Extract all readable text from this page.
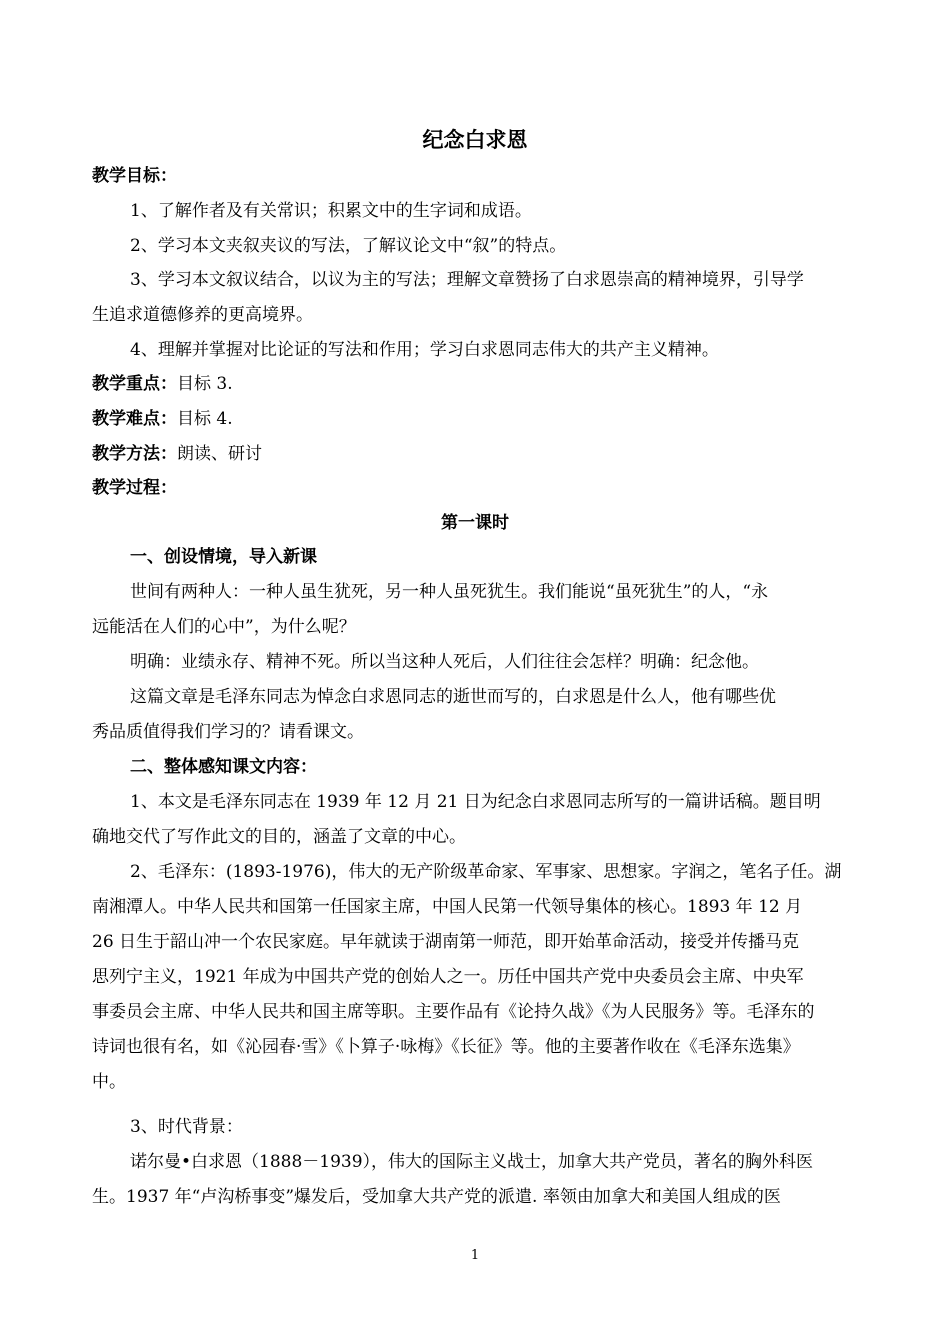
纪念白求恩
教学目标：
1、了解作者及有关常识；积累文中的生字词和成语。
2、学习本文夹叙夹议的写法，了解议论文中“叙”的特点。
3、学习本文叙议结合，以议为主的写法；理解文章赞扬了白求恩崇高的精神境界，引导学
生追求道德修养的更高境界。
4、理解并掌握对比论证的写法和作用；学习白求恩同志伟大的共产主义精神。
教学重点：目标 3.
教学难点：目标 4.
教学方法：朗读、研讨
教学过程：
第一课时
一、创设情境，导入新课
世间有两种人：一种人虽生犹死，另一种人虽死犹生。我们能说“虽死犹生”的人，“永
远能活在人们的心中”，为什么呢？
明确：业绩永存、精神不死。所以当这种人死后，人们往往会怎样？明确：纪念他。
这篇文章是毛泽东同志为悼念白求恩同志的逝世而写的，白求恩是什么人，他有哪些优
秀品质值得我们学习的？请看课文。
二、整体感知课文内容：
1、本文是毛泽东同志在 1939 年 12 月 21 日为纪念白求恩同志所写的一篇讲话稿。题目明
确地交代了写作此文的目的，涵盖了文章的中心。
2、毛泽东：(1893-1976)，伟大的无产阶级革命家、军事家、思想家。字润之，笔名子任。湖
南湘潭人。中华人民共和国第一任国家主席，中国人民第一代领导集体的核心。1893 年 12 月
26 日生于韶山冲一个农民家庭。早年就读于湖南第一师范，即开始革命活动，接受并传播马克
思列宁主义，1921 年成为中国共产党的创始人之一。历任中国共产党中央委员会主席、中央军
事委员会主席、中华人民共和国主席等职。主要作品有《论持久战》《为人民服务》等。毛泽东的
诗词也很有名，如《沁园春·雪》《卜算子·咏梅》《长征》等。他的主要著作收在《毛泽东选集》
中。
3、时代背景：
诺尔曼•白求恩（1888－1939），伟大的国际主义战士，加拿大共产党员，著名的胸外科医
生。1937 年“卢沟桥事变”爆发后，受加拿大共产党的派遣. 率领由加拿大和美国人组成的医
1
